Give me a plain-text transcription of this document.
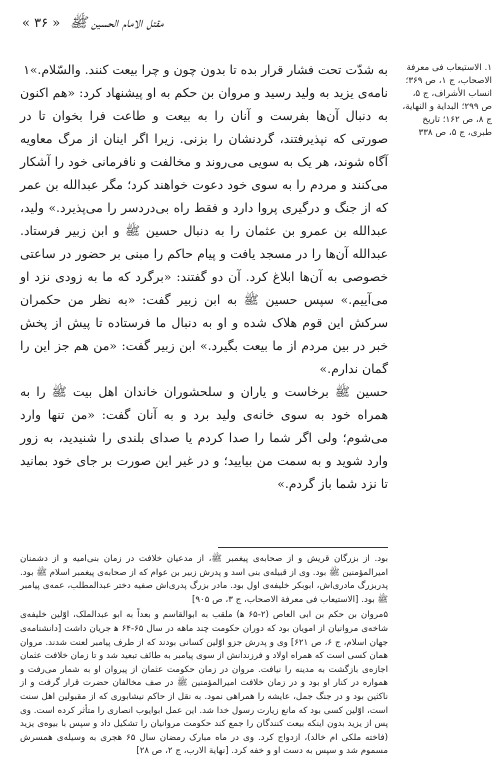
« ۳۶ » مقتل الامام الحسین ﷺ

۱. الاستیعاب فی معرفة الاصحاب، ج ۱، ص ۳۶۹؛ انساب الأشراف، ج ۵، ص ۲۹۹؛ البدایة و النهایة، ج ۸، ص ۱۶۲؛ تاریخ طبری، ج ۵، ص ۳۳۸

به شدّت تحت فشار قرار بده تا بدون چون و چرا بیعت کنند. والسّلام.»۱

نامه‌ی یزید به ولید رسید و مروان بن حکم به او پیشنهاد کرد: «هم اکنون به دنبال آن‌ها بفرست و آنان را به بیعت و طاعت فرا بخوان تا در صورتی که نپذیرفتند، گردنشان را بزنی. زیرا اگر اینان از مرگ معاویه آگاه شوند، هر یک به سویی می‌روند و مخالفت و نافرمانی خود را آشکار می‌کنند و مردم را به سوی خود دعوت خواهند کرد؛ مگر عبدالله بن عمر که از جنگ و درگیری پروا دارد و فقط راه بی‌دردسر را می‌پذیرد.» ولید، عبدالله بن عمرو بن عثمان را به دنبال حسین ﷺ و ابن زبیر فرستاد. عبدالله آن‌ها را در مسجد یافت و پیام حاکم را مبنی بر حضور در ساعتی خصوصی به آن‌ها ابلاغ کرد. آن دو گفتند: «برگرد که ما به زودی نزد او می‌آییم.» سپس حسین ﷺ به ابن زبیر گفت: «به نظر من حکمران سرکش این قوم هلاک شده و او به دنبال ما فرستاده تا پیش از پخش خبر در بین مردم از ما بیعت بگیرد.» ابن زبیر گفت: «من هم جز این را گمان ندارم.»

حسین ﷺ برخاست و یاران و سلحشوران خاندان اهل بیت ﷺ را به همراه خود به سوی خانه‌ی ولید برد و به آنان گفت: «من تنها وارد می‌شوم؛ ولی اگر شما را صدا کردم یا صدای بلندی را شنیدید، به زور وارد شوید و به سمت من بیایید؛ و در غیر این صورت بر جای خود بمانید تا نزد شما باز گردم.»

بود. از بزرگان قریش و از صحابه‌ی پیغمبر ﷺ، از مدعیان خلافت در زمان بنی‌امیه و از دشمنان امیرالمؤمنین ﷺ بود. وی از قبیله‌ی بنی اسد و پدرش زبیر بن عوام که از صحابه‌ی پیغمبر اسلام ﷺ بود. پدربزرگ مادری‌اش، ابوبکر خلیفه‌ی اول بود. مادر بزرگ پدری‌اش صفیه دختر عبدالمطلب، عمه‌ی پیامبر ﷺ بود. [الاستیعاب فی معرفة الاصحاب، ج ۳، ص ۹۰۵]

۵مروان بن حکم بن ابی العاص (۲-۶۵ ه‍) ملقب به ابوالقاسم و بعداً به ابو عبدالملک، اوّلین خلیفه‌ی شاخه‌ی مروانیان از امویان بود که دوران حکومت چند ماهه در سال ۶۵-۶۴ ه‍ جریان داشت [دانشنامه‌ی جهان اسلام، ج ۶، ص ۶۲۱] وی و پدرش جزو اوّلین کسانی بودند که از طرف پیامبر لعنت شدند. مروان همان کسی است که همراه اولاد و فرزندانش از سوی پیامبر به طائف تبعید شد و تا زمان خلافت عثمان اجازه‌ی بازگشت به مدینه را نیافت. مروان در زمان حکومت عثمان از پیروان او به شمار می‌رفت و همواره در کنار او بود و در زمان خلافت امیرالمؤمنین ﷺ در صف مخالفان حضرت قرار گرفت و از ناکثین بود و در جنگ جمل، عایشه را همراهی نمود. به نقل از حاکم نیشابوری که از مقبولین اهل سنت است، اوّلین کسی بود که مانع زیارت رسول خدا شد. این عمل ابوایوب انصاری را متأثر کرده است. وی پس از یزید بدون اینکه بیعت کنندگان را جمع کند حکومت مروانیان را تشکیل داد و سپس با بیوه‌ی یزید (فاخته ملکی ام خالد)، ازدواج کرد. وی در ماه مبارک رمضان سال ۶۵ هجری به وسیله‌ی همسرش مسموم شد و سپس به دست او و خفه کرد. [نهایة الارب، ج ۲، ص ۲۸]
